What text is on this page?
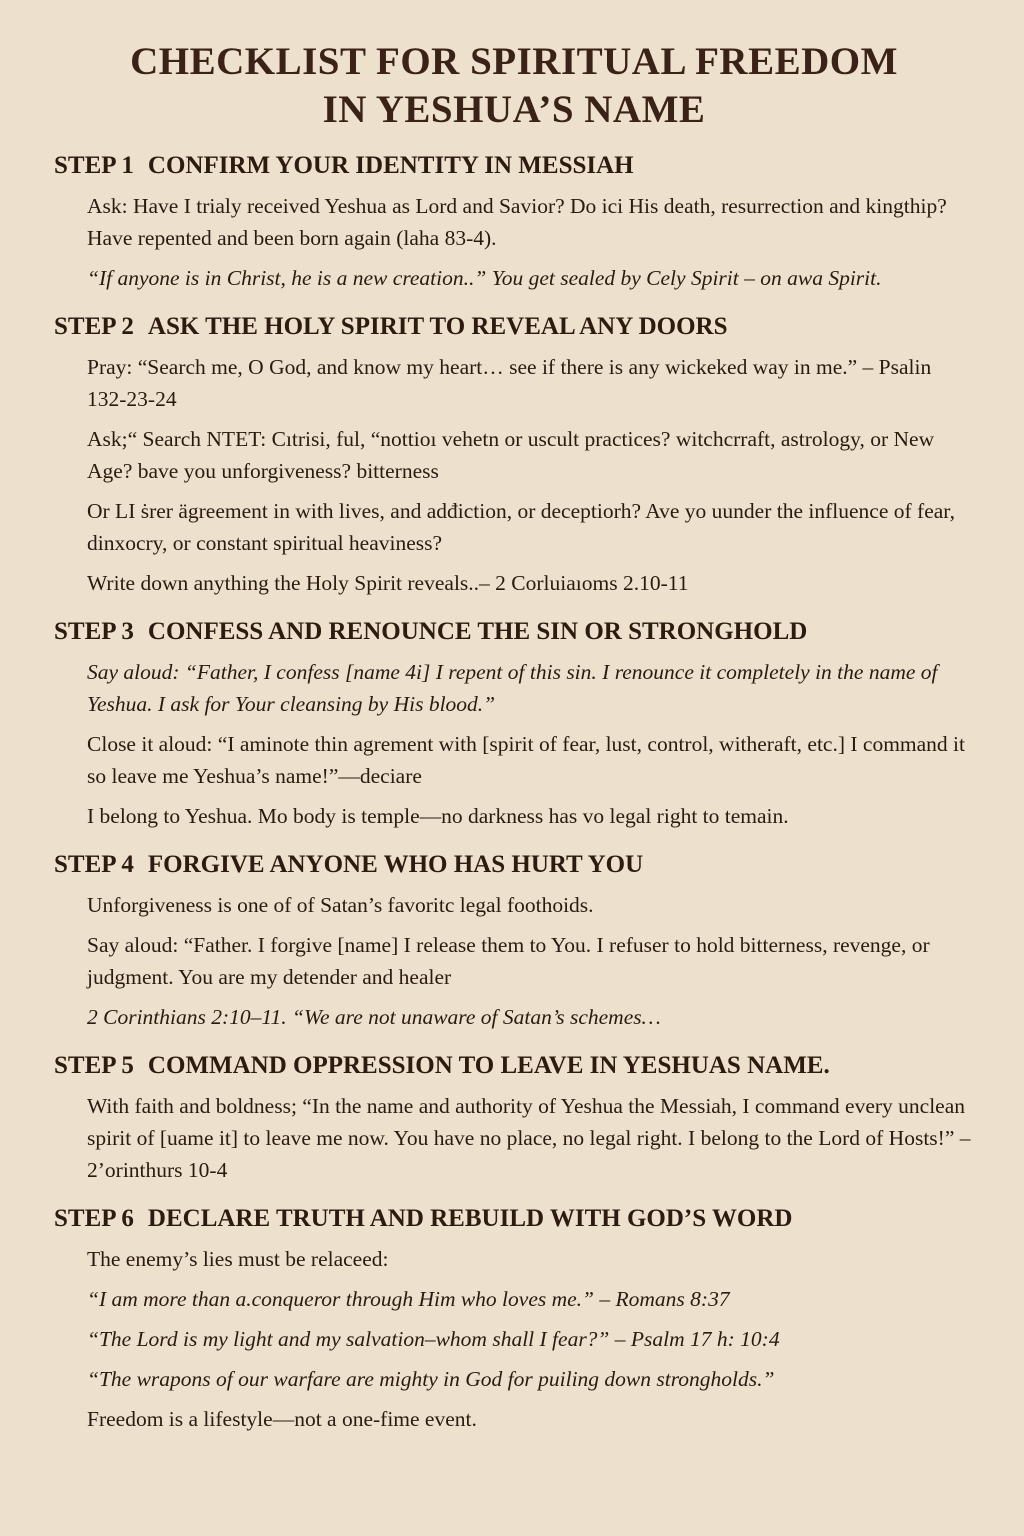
CHECKLIST FOR SPIRITUAL FREEDOM
IN YESHUA’S NAME
STEP 1 CONFIRM YOUR IDENTITY IN MESSIAH

Ask: Have I trialy received Yeshua as Lord and Savior? Do ici His death, resurrection and kingthip? Have repented and been born again (laha 83-4).

“If anyone is in Christ, he is a new creation..” You get sealed by Cely Spirit – on awa Spirit.

STEP 2 ASK THE HOLY SPIRIT TO REVEAL ANY DOORS

Pray: “Search me, O God, and know my heart… see if there is any wickeked way in me.” – Psalin 132-23-24

Ask;“ Search NTET: Cıtrisi, ful, “nottioı vehetn or uscult practices? witchcrraft, astrology, or New Age? bave you unforgiveness? bitterness

Or LI ṡrer ägreement in with lives, and adđiction, or deceptiorh? Ave yo uunder the influence of fear, dinxocry, or constant spiritual heaviness?

Write down anything the Holy Spirit reveals..– 2 Corluiaıoms 2.10-11

STEP 3 CONFESS AND RENOUNCE THE SIN OR STRONGHOLD

Say aloud: “Father, I confess [name 4i] I repent of this sin. I renounce it completely in the name of Yeshua. I ask for Your cleansing by His blood.”

Close it aloud: “I aminote thin agrement with [spirit of fear, lust, control, witheraft, etc.] I command it so leave me Yeshua’s name!”—deciare

I belong to Yeshua. Mo body is temple—no darkness has vo legal right to temain.

STEP 4 FORGIVE ANYONE WHO HAS HURT YOU

Unforgiveness is one of of Satan’s favoritc legal foothoids.

Say aloud: “Father. I forgive [name] I release them to You. I refuser to hold bitterness, revenge, or judgment. You are my detender and healer

2 Corinthians 2:10–11. “We are not unaware of Satan’s schemes…

STEP 5 COMMAND OPPRESSION TO LEAVE IN YESHUAS NAME.

With faith and boldness; “In the name and authority of Yeshua the Messiah, I command every unclean spirit of [uame it] to leave me now. You have no place, no legal right. I belong to the Lord of Hosts!” – 2’orinthurs 10-4

STEP 6 DECLARE TRUTH AND REBUILD WITH GOD’S WORD

The enemy’s lies must be relaceed:

“I am more than a.conqueror through Him who loves me.” – Romans 8:37

“The Lord is my light and my salvation–whom shall I fear?” – Psalm 17 h: 10:4

“The wrapons of our warfare are mighty in God for puiling down strongholds.”

Freedom is a lifestyle—not a one-fime event.
